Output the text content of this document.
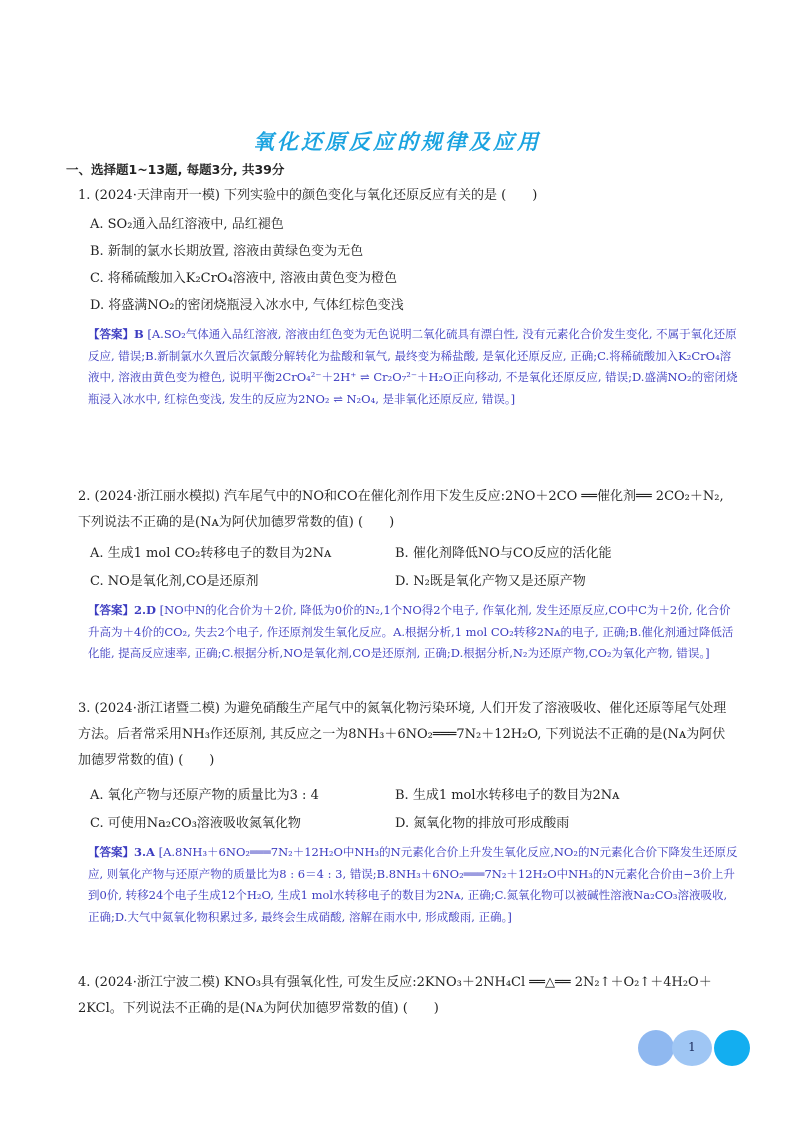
氧化还原反应的规律及应用
一、选择题1~13题, 每题3分, 共39分
1. (2024·天津南开一模) 下列实验中的颜色变化与氧化还原反应有关的是 (　　)
A. SO₂通入品红溶液中, 品红褪色
B. 新制的氯水长期放置, 溶液由黄绿色变为无色
C. 将稀硫酸加入K₂CrO₄溶液中, 溶液由黄色变为橙色
D. 将盛满NO₂的密闭烧瓶浸入冰水中, 气体红棕色变浅
【答案】B [A.SO₂气体通入品红溶液, 溶液由红色变为无色说明二氧化硫具有漂白性, 没有元素化合价发生变化, 不属于氧化还原反应, 错误;B.新制氯水久置后次氯酸分解转化为盐酸和氧气, 最终变为稀盐酸, 是氧化还原反应, 正确;C.将稀硫酸加入K₂CrO₄溶液中, 溶液由黄色变为橙色, 说明平衡2CrO₄²⁻＋2H⁺ ⇌ Cr₂O₇²⁻＋H₂O正向移动, 不是氧化还原反应, 错误;D.盛满NO₂的密闭烧瓶浸入冰水中, 红棕色变浅, 发生的反应为2NO₂ ⇌ N₂O₄, 是非氧化还原反应, 错误。]
2. (2024·浙江丽水模拟) 汽车尾气中的NO和CO在催化剂作用下发生反应:2NO＋2CO ══催化剂══ 2CO₂＋N₂, 下列说法不正确的是(Nᴀ为阿伏加德罗常数的值) (　　)
A. 生成1 mol CO₂转移电子的数目为2Nᴀ	B. 催化剂降低NO与CO反应的活化能
C. NO是氧化剂,CO是还原剂	D. N₂既是氧化产物又是还原产物
【答案】2.D [NO中N的化合价为＋2价, 降低为0价的N₂,1个NO得2个电子, 作氧化剂, 发生还原反应,CO中C为＋2价, 化合价升高为＋4价的CO₂, 失去2个电子, 作还原剂发生氧化反应。A.根据分析,1 mol CO₂转移2Nᴀ的电子, 正确;B.催化剂通过降低活化能, 提高反应速率, 正确;C.根据分析,NO是氧化剂,CO是还原剂, 正确;D.根据分析,N₂为还原产物,CO₂为氧化产物, 错误。]
3. (2024·浙江诸暨二模) 为避免硝酸生产尾气中的氮氧化物污染环境, 人们开发了溶液吸收、催化还原等尾气处理方法。后者常采用NH₃作还原剂, 其反应之一为8NH₃＋6NO₂═══7N₂＋12H₂O, 下列说法不正确的是(Nᴀ为阿伏加德罗常数的值) (　　)
A. 氧化产物与还原产物的质量比为3 : 4	B. 生成1 mol水转移电子的数目为2Nᴀ
C. 可使用Na₂CO₃溶液吸收氮氧化物	D. 氮氧化物的排放可形成酸雨
【答案】3.A [A.8NH₃＋6NO₂═══7N₂＋12H₂O中NH₃的N元素化合价上升发生氧化反应,NO₂的N元素化合价下降发生还原反应, 则氧化产物与还原产物的质量比为8 : 6＝4 : 3, 错误;B.8NH₃＋6NO₂═══7N₂＋12H₂O中NH₃的N元素化合价由−3价上升到0价, 转移24个电子生成12个H₂O, 生成1 mol水转移电子的数目为2Nᴀ, 正确;C.氮氧化物可以被碱性溶液Na₂CO₃溶液吸收, 正确;D.大气中氮氧化物积累过多, 最终会生成硝酸, 溶解在雨水中, 形成酸雨, 正确。]
4. (2024·浙江宁波二模) KNO₃具有强氧化性, 可发生反应:2KNO₃＋2NH₄Cl ══△══ 2N₂↑＋O₂↑＋4H₂O＋2KCl。下列说法不正确的是(Nᴀ为阿伏加德罗常数的值) (　　)
1
